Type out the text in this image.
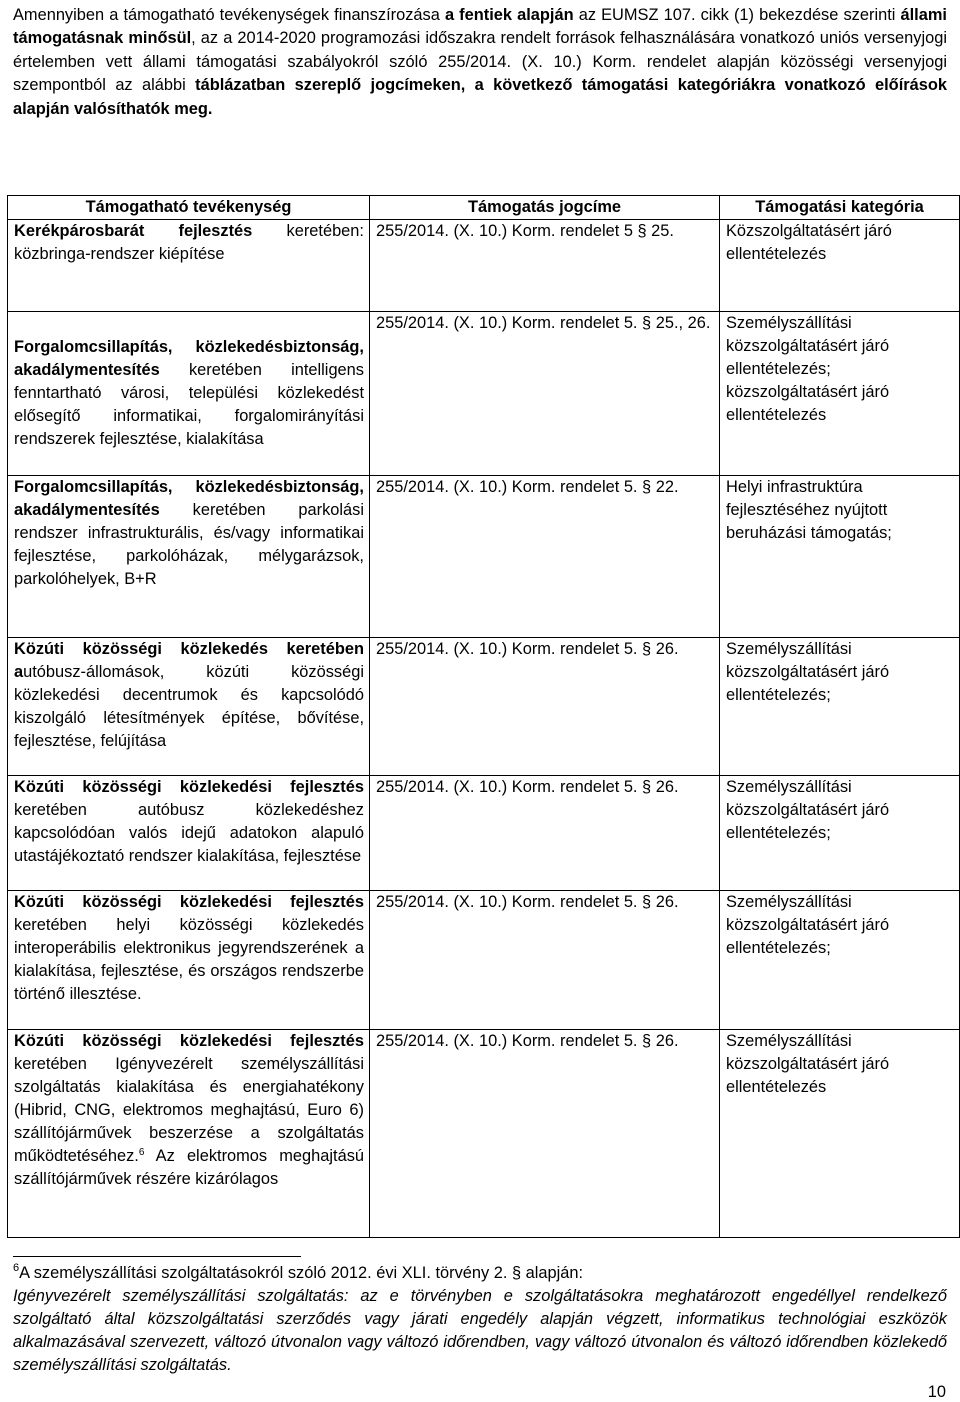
Amennyiben a támogatható tevékenységek finanszírozása a fentiek alapján az EUMSZ 107. cikk (1) bekezdése szerinti állami támogatásnak minősül, az a 2014-2020 programozási időszakra rendelt források felhasználására vonatkozó uniós versenyjogi értelemben vett állami támogatási szabályokról szóló 255/2014. (X. 10.) Korm. rendelet alapján közösségi versenyjogi szempontból az alábbi táblázatban szereplő jogcímeken, a következő támogatási kategóriákra vonatkozó előírások alapján valósíthatók meg.
Támogatható tevékenység	Támogatás jogcíme	Támogatási kategória
Kerékpárosbarát fejlesztés keretében: közbringa-rendszer kiépítése	255/2014. (X. 10.) Korm. rendelet 5 § 25.	Közszolgáltatásért járó ellentételezés
Forgalomcsillapítás, közlekedésbiztonság, akadálymentesítés keretében intelligens fenntartható városi, települési közlekedést elősegítő informatikai, forgalomirányítási rendszerek fejlesztése, kialakítása	255/2014. (X. 10.) Korm. rendelet 5. § 25., 26.	Személyszállítási közszolgáltatásért járó ellentételezés; közszolgáltatásért járó ellentételezés
Forgalomcsillapítás, közlekedésbiztonság, akadálymentesítés keretében parkolási rendszer infrastrukturális, és/vagy informatikai fejlesztése, parkolóházak, mélygarázsok, parkolóhelyek, B+R	255/2014. (X. 10.) Korm. rendelet 5. § 22.	Helyi infrastruktúra fejlesztéséhez nyújtott beruházási támogatás;
Közúti közösségi közlekedés keretében autóbusz-állomások, közúti közösségi közlekedési decentrumok és kapcsolódó kiszolgáló létesítmények építése, bővítése, fejlesztése, felújítása	255/2014. (X. 10.) Korm. rendelet 5. § 26.	Személyszállítási közszolgáltatásért járó ellentételezés;
Közúti közösségi közlekedési fejlesztés keretében autóbusz közlekedéshez kapcsolódóan valós idejű adatokon alapuló utastájékoztató rendszer kialakítása, fejlesztése	255/2014. (X. 10.) Korm. rendelet 5. § 26.	Személyszállítási közszolgáltatásért járó ellentételezés;
Közúti közösségi közlekedési fejlesztés keretében helyi közösségi közlekedés interoperábilis elektronikus jegyrendszerének a kialakítása, fejlesztése, és országos rendszerbe történő illesztése.	255/2014. (X. 10.) Korm. rendelet 5. § 26.	Személyszállítási közszolgáltatásért járó ellentételezés;
Közúti közösségi közlekedési fejlesztés keretében Igényvezérelt személyszállítási szolgáltatás kialakítása és energiahatékony (Hibrid, CNG, elektromos meghajtású, Euro 6) szállítójárművek beszerzése a szolgáltatás működtetéséhez.$^6$ Az elektromos meghajtású szállítójárművek részére kizárólagos	255/2014. (X. 10.) Korm. rendelet 5. § 26.	Személyszállítási közszolgáltatásért járó ellentételezés
$^6$A személyszállítási szolgáltatásokról szóló 2012. évi XLI. törvény 2. § alapján:
Igényvezérelt személyszállítási szolgáltatás: az e törvényben e szolgáltatásokra meghatározott engedéllyel rendelkező szolgáltató által közszolgáltatási szerződés vagy járati engedély alapján végzett, informatikus technológiai eszközök alkalmazásával szervezett, változó útvonalon vagy változó időrendben, vagy változó útvonalon és változó időrendben közlekedő személyszállítási szolgáltatás.
10
